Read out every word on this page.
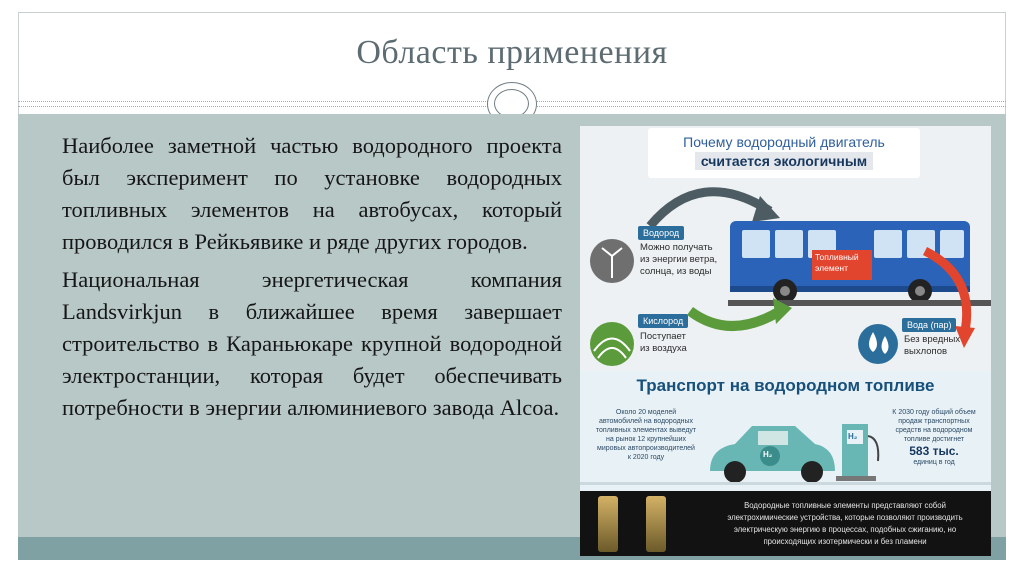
Область применения

Наиболее заметной частью водородного проекта был эксперимент по установке водородных топливных элементов на автобусах, который проводился в Рейкьявике и ряде других городов.

Национальная энергетическая компания Landsvirkjun в ближайшее время завершает строительство в Караньюкаре крупной водородной электростанции, которая будет обеспечивать потребности в энергии алюминиевого завода Alcoa.

Почему водородный двигатель
считается экологичным
Водород
Можно получать
из энергии ветра,
солнца, из воды
Кислород
Поступает
из воздуха
Топливный
элемент
Вода (пар)
Без вредных
выхлопов
Транспорт на водородном топливе
Около 20 моделей
автомобилей на водородных
топливных элементах выведут
на рынок 12 крупнейших
мировых автопроизводителей
к 2020 году
К 2030 году общий объем
продаж транспортных
средств на водородном
топливе достигнет
583 тыс.
единиц в год
H₂
H₂
Водородные топливные элементы представляют собой электрохимические устройства, которые позволяют производить электрическую энергию в процессах, подобных сжиганию, но происходящих изотермически и без пламени
